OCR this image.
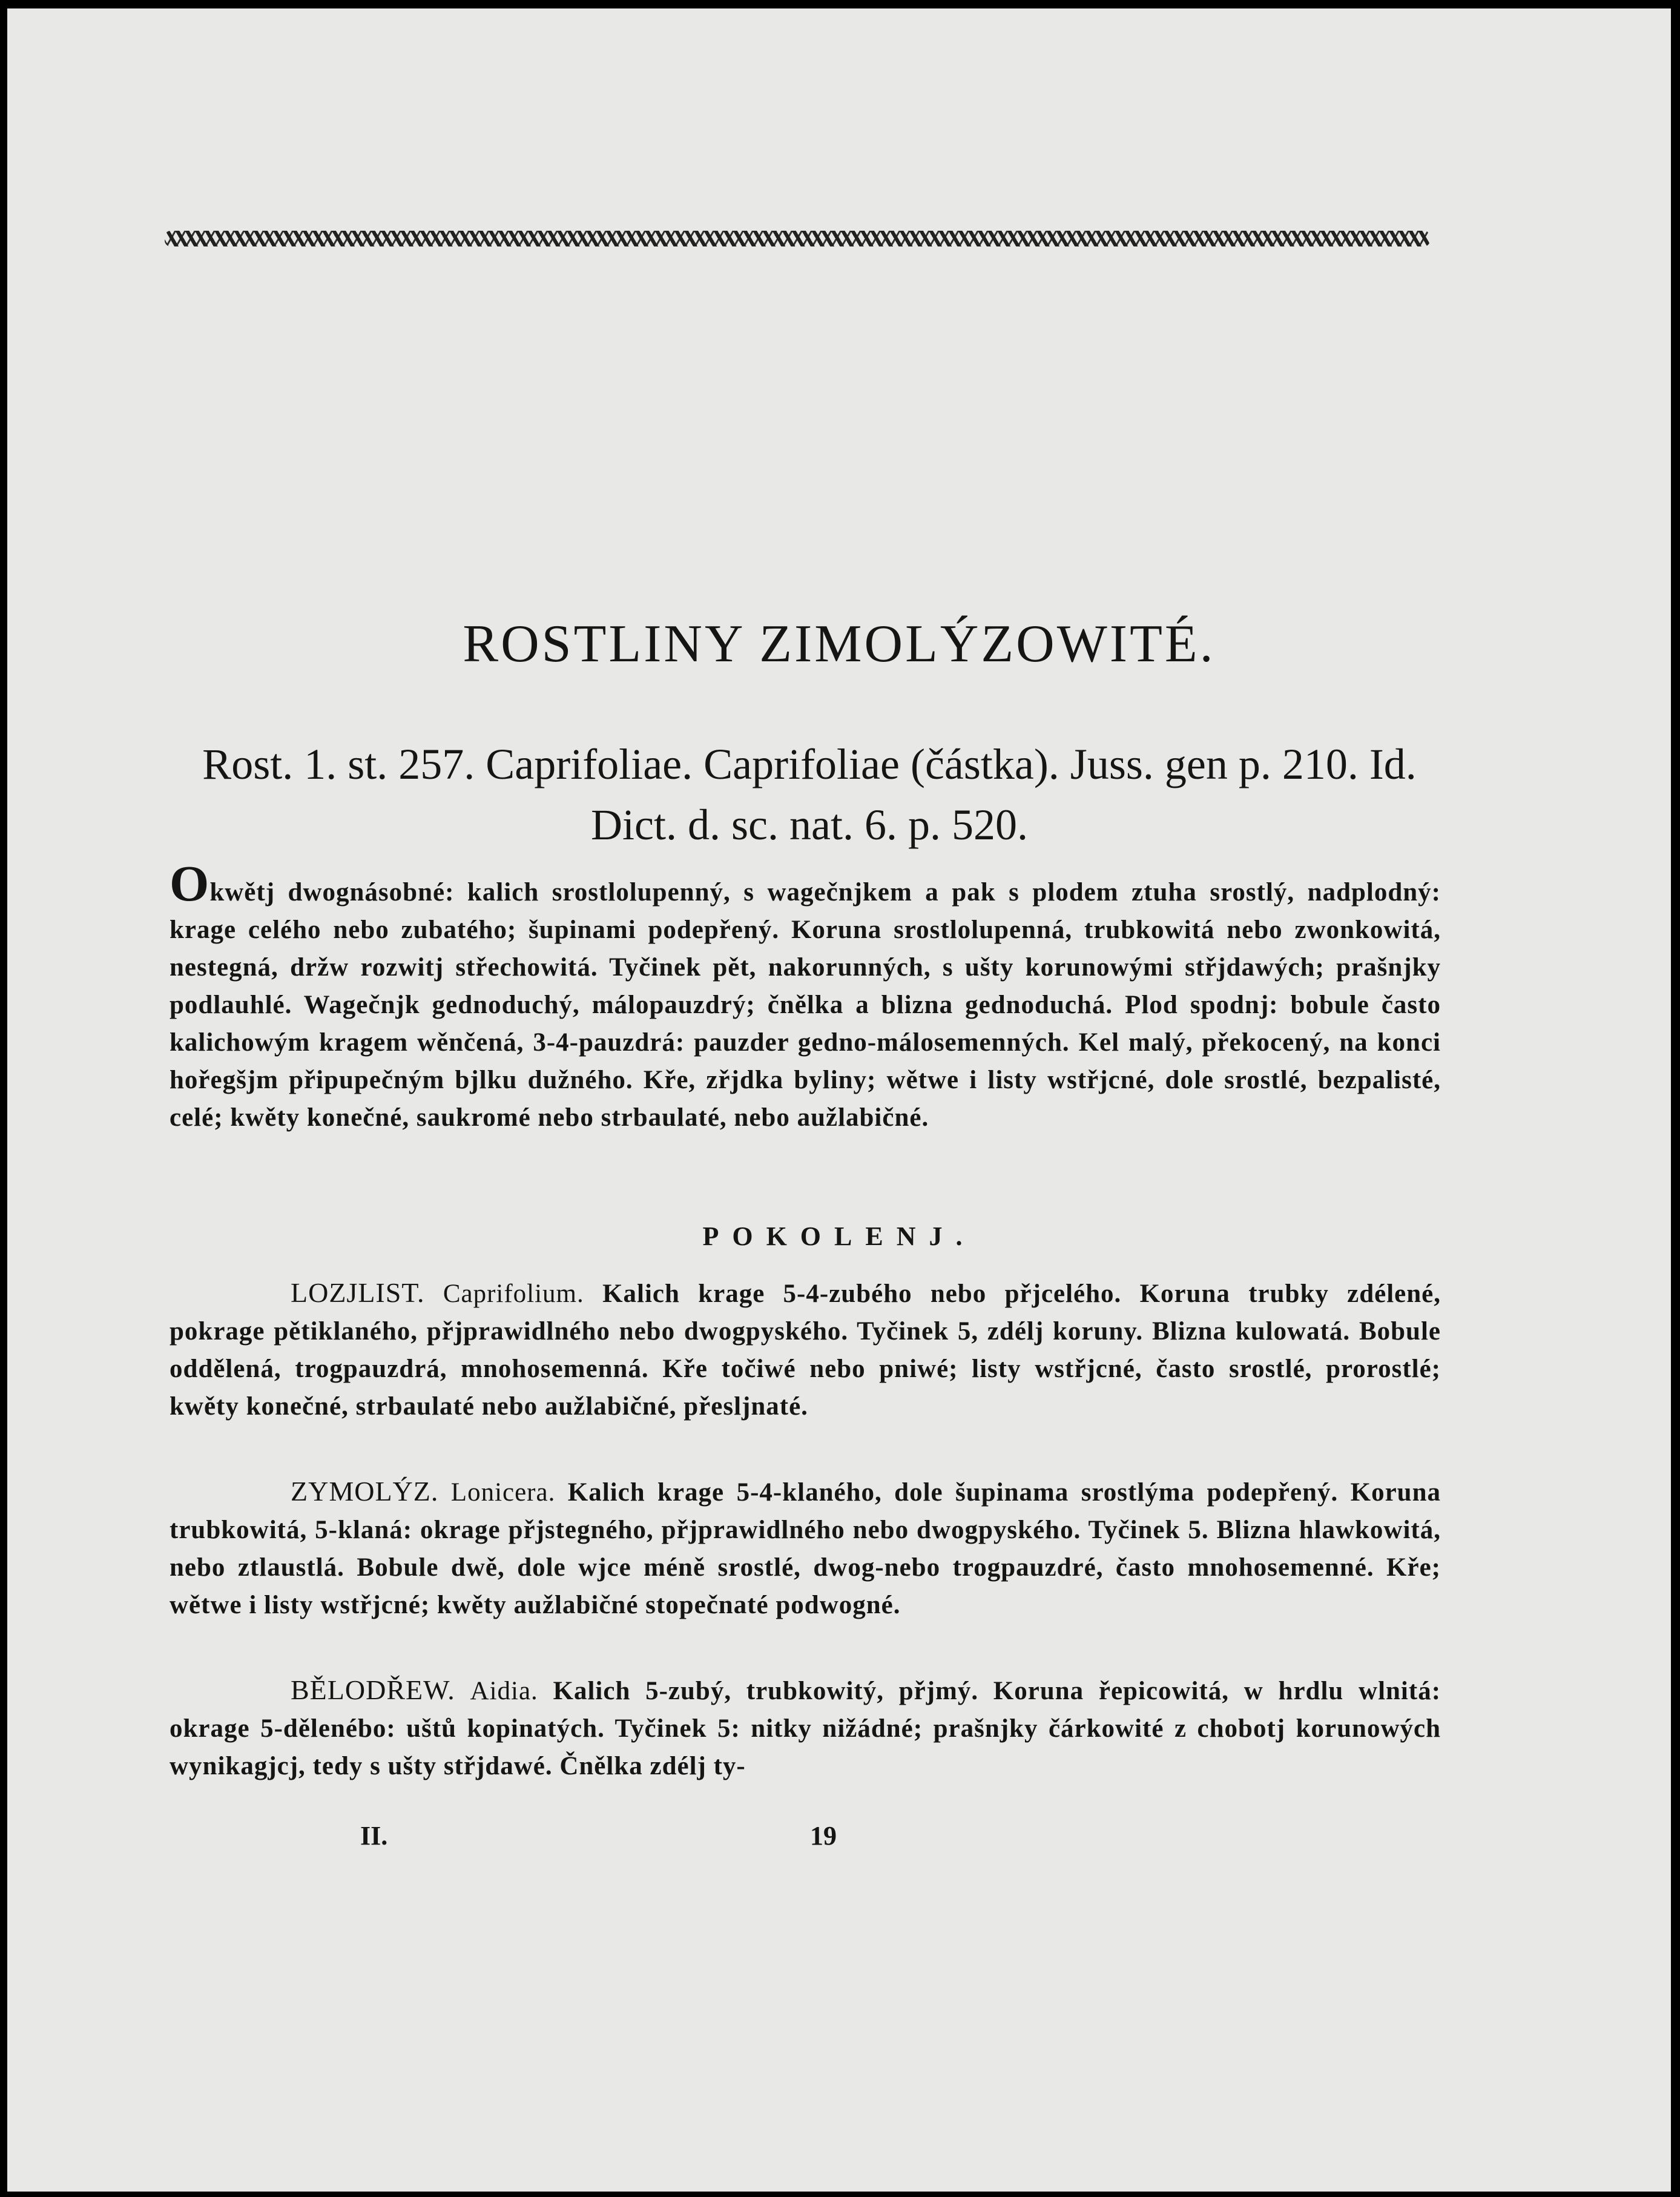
ROSTLINY ZIMOLÝZOWITÉ.

Rost. 1. st. 257. Caprifoliae. Caprifoliae (částka). Juss. gen p. 210. Id. Dict. d. sc. nat. 6. p. 520.

Okwětj dwognásobné: kalich srostlolupenný, s wagečnjkem a pak s plodem ztuha srostlý, nadplodný: krage celého nebo zubatého; šupinami podepřený. Koruna srostlolupenná, trubkowitá nebo zwonkowitá, nestegná, držw rozwitj střechowitá. Tyčinek pět, nakorunných, s ušty korunowými střjdawých; prašnjky podlauhlé. Wagečnjk gednoduchý, málopauzdrý; čnělka a blizna gednoduchá. Plod spodnj: bobule často kalichowým kragem wěnčená, 3-4-pauzdrá: pauzder gedno-málosemenných. Kel malý, překocený, na konci hořegšjm připupečným bjlku dužného. Kře, zřjdka byliny; wětwe i listy wstřjcné, dole srostlé, bezpalisté, celé; kwěty konečné, saukromé nebo strbaulaté, nebo aužlabičné.

POKOLENJ.

LOZJLIST. Caprifolium. Kalich krage 5-4-zubého nebo přjcelého. Koruna trubky zdélené, pokrage pětiklaného, přjprawidlného nebo dwogpyského. Tyčinek 5, zdélj koruny. Blizna kulowatá. Bobule oddělená, trogpauzdrá, mnohosemenná. Kře točiwé nebo pniwé; listy wstřjcné, často srostlé, prorostlé; kwěty konečné, strbaulaté nebo aužlabičné, přesljnaté.

ZYMOLÝZ. Lonicera. Kalich krage 5-4-klaného, dole šupinama srostlýma podepřený. Koruna trubkowitá, 5-klaná: okrage přjstegného, přjprawidlného nebo dwogpyského. Tyčinek 5. Blizna hlawkowitá, nebo ztlaustlá. Bobule dwě, dole wjce méně srostlé, dwog-nebo trogpauzdré, často mnohosemenné. Kře; wětwe i listy wstřjcné; kwěty aužlabičné stopečnaté podwogné.

BĚLODŘEW. Aidia. Kalich 5-zubý, trubkowitý, přjmý. Koruna řepicowitá, w hrdlu wlnitá: okrage 5-dělenébo: uštů kopinatých. Tyčinek 5: nitky nižádné; prašnjky čárkowité z chobotj korunowých wynikagjcj, tedy s ušty střjdawé. Čnělka zdélj ty-

II.	19
